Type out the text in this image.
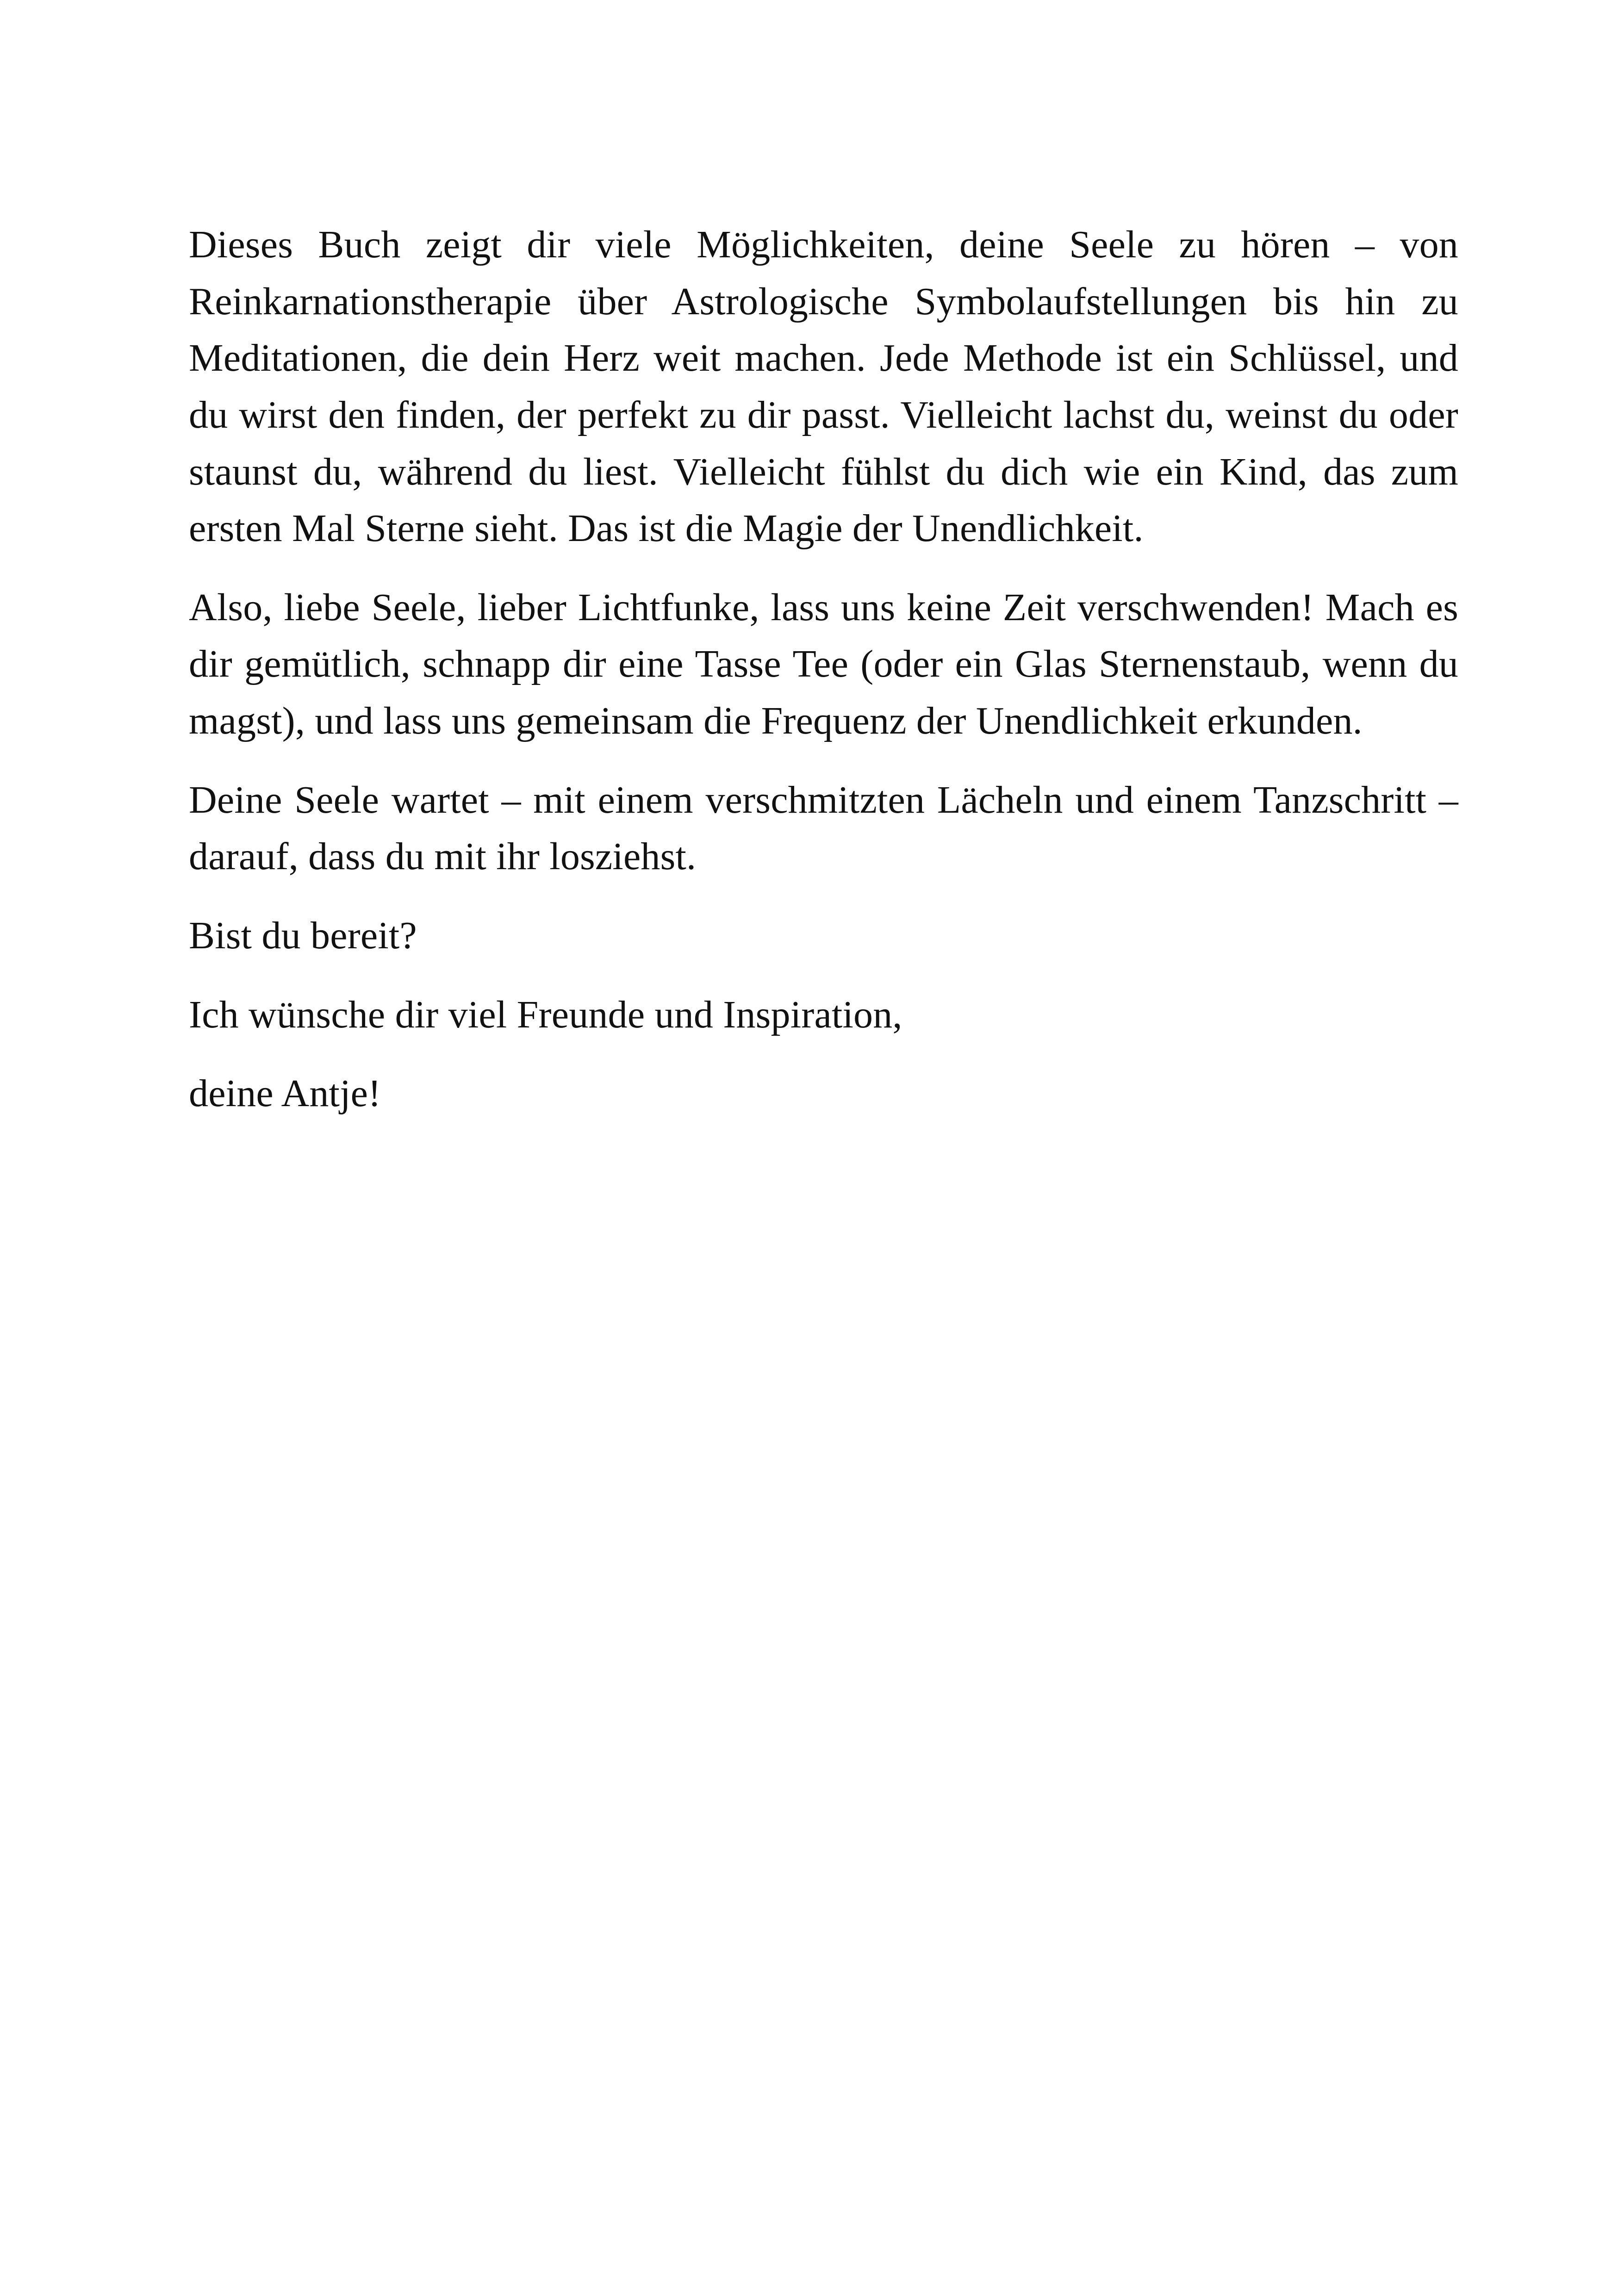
Dieses Buch zeigt dir viele Möglichkeiten, deine Seele zu hören – von Reinkarnationstherapie über Astrologische Symbolaufstellungen bis hin zu Meditationen, die dein Herz weit machen. Jede Methode ist ein Schlüssel, und du wirst den finden, der perfekt zu dir passt. Vielleicht lachst du, weinst du oder staunst du, während du liest. Vielleicht fühlst du dich wie ein Kind, das zum ersten Mal Sterne sieht. Das ist die Magie der Unendlichkeit.

Also, liebe Seele, lieber Lichtfunke, lass uns keine Zeit verschwenden! Mach es dir gemütlich, schnapp dir eine Tasse Tee (oder ein Glas Sternenstaub, wenn du magst), und lass uns gemeinsam die Frequenz der Unendlichkeit erkunden.

Deine Seele wartet – mit einem verschmitzten Lächeln und einem Tanzschritt – darauf, dass du mit ihr losziehst.

Bist du bereit?

Ich wünsche dir viel Freunde und Inspiration,

deine Antje!
